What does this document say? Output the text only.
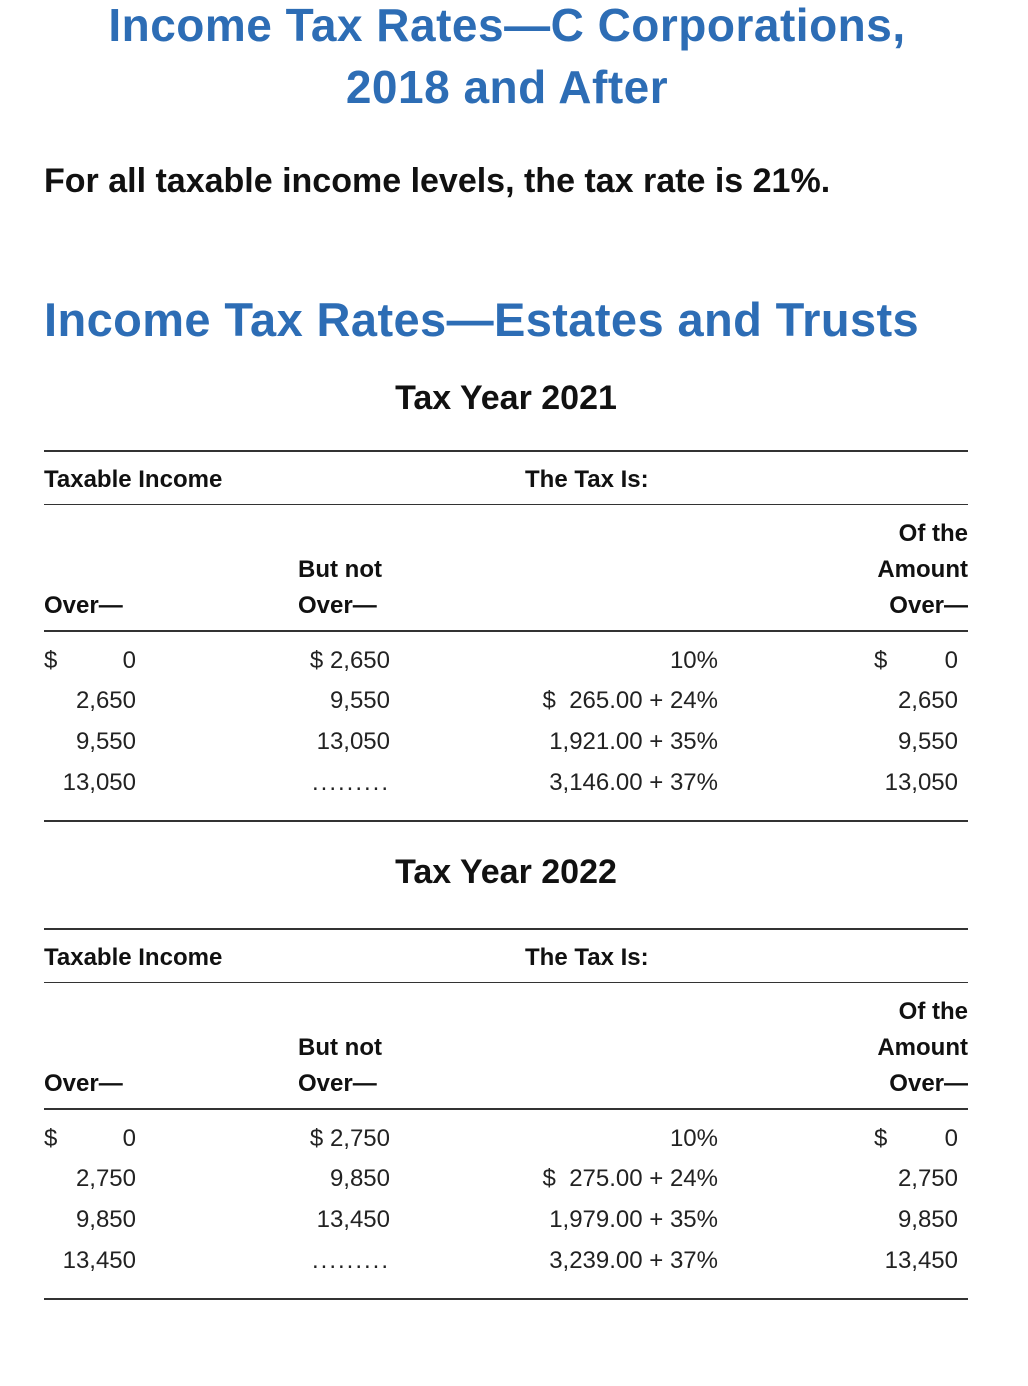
Income Tax Rates—C Corporations,
2018 and After
For all taxable income levels, the tax rate is 21%.
Income Tax Rates—Estates and Trusts
Tax Year 2021
Taxable Income	The Tax Is:
Over—
But not
Over—
Of the
Amount
Over—
$	0	$ 2,650	10%	$	0
2,650	9,550	$  265.00 + 24%	2,650
9,550	13,050	1,921.00 + 35%	9,550
13,050	.........	3,146.00 + 37%	13,050
Tax Year 2022
Taxable Income	The Tax Is:
Over—
But not
Over—
Of the
Amount
Over—
$	0	$ 2,750	10%	$	0
2,750	9,850	$  275.00 + 24%	2,750
9,850	13,450	1,979.00 + 35%	9,850
13,450	.........	3,239.00 + 37%	13,450
